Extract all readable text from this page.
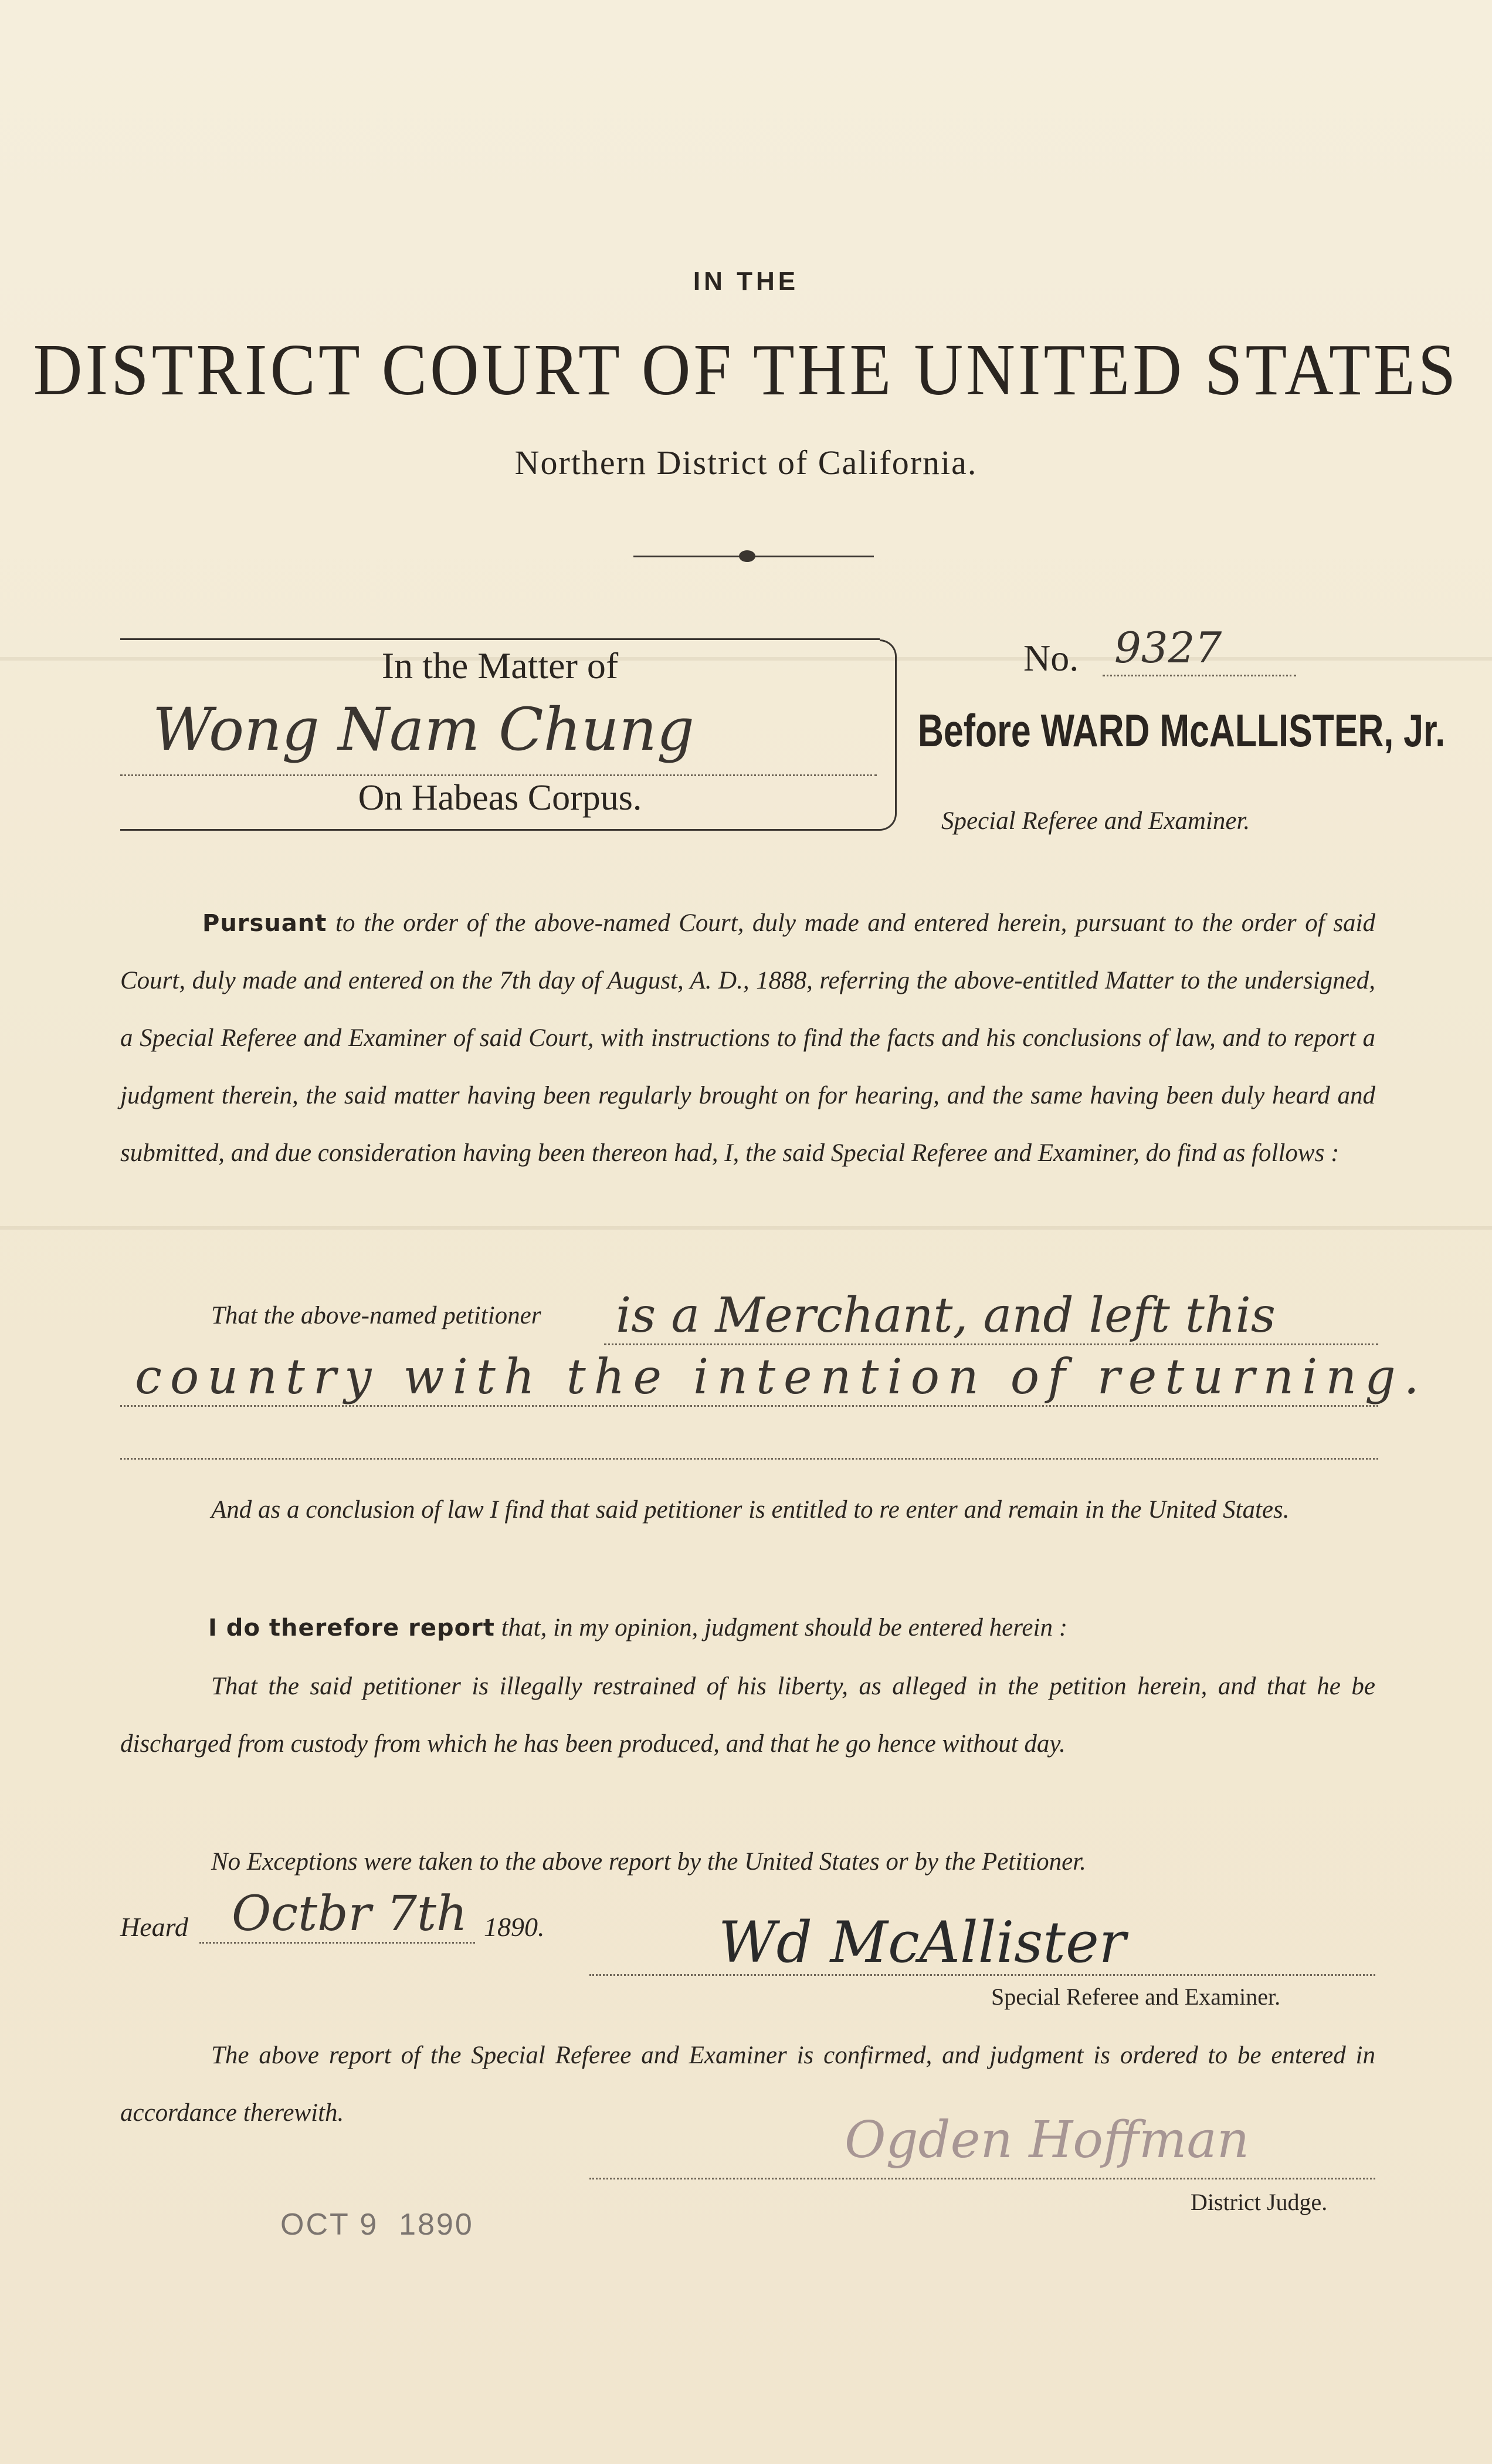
IN THE
DISTRICT COURT OF THE UNITED STATES
Northern District of California.
In the Matter of
Wong Nam Chung
On Habeas Corpus.
No. 9327
Before WARD McALLISTER, Jr.
Special Referee and Examiner.
Pursuant to the order of the above-named Court, duly made and entered herein, pursuant to the order of said Court, duly made and entered on the 7th day of August, A. D., 1888, referring the above-entitled Matter to the undersigned, a Special Referee and Examiner of said Court, with instructions to find the facts and his conclusions of law, and to report a judgment therein, the said matter having been regularly brought on for hearing, and the same having been duly heard and submitted, and due consideration having been thereon had, I, the said Special Referee and Examiner, do find as follows :
That the above-named petitioner is a Merchant, and left this
country with the intention of returning.
And as a conclusion of law I find that said petitioner is entitled to re enter and remain in the United States.
I do therefore report that, in my opinion, judgment should be entered herein :
That the said petitioner is illegally restrained of his liberty, as alleged in the petition herein, and that he be discharged from custody from which he has been produced, and that he go hence without day.
No Exceptions were taken to the above report by the United States or by the Petitioner.
Heard Octbr 7th 1890.	Wd McAllister
Special Referee and Examiner.
The above report of the Special Referee and Examiner is confirmed, and judgment is ordered to be entered in accordance therewith.	Ogden Hoffman
District Judge.
OCT 9  1890
